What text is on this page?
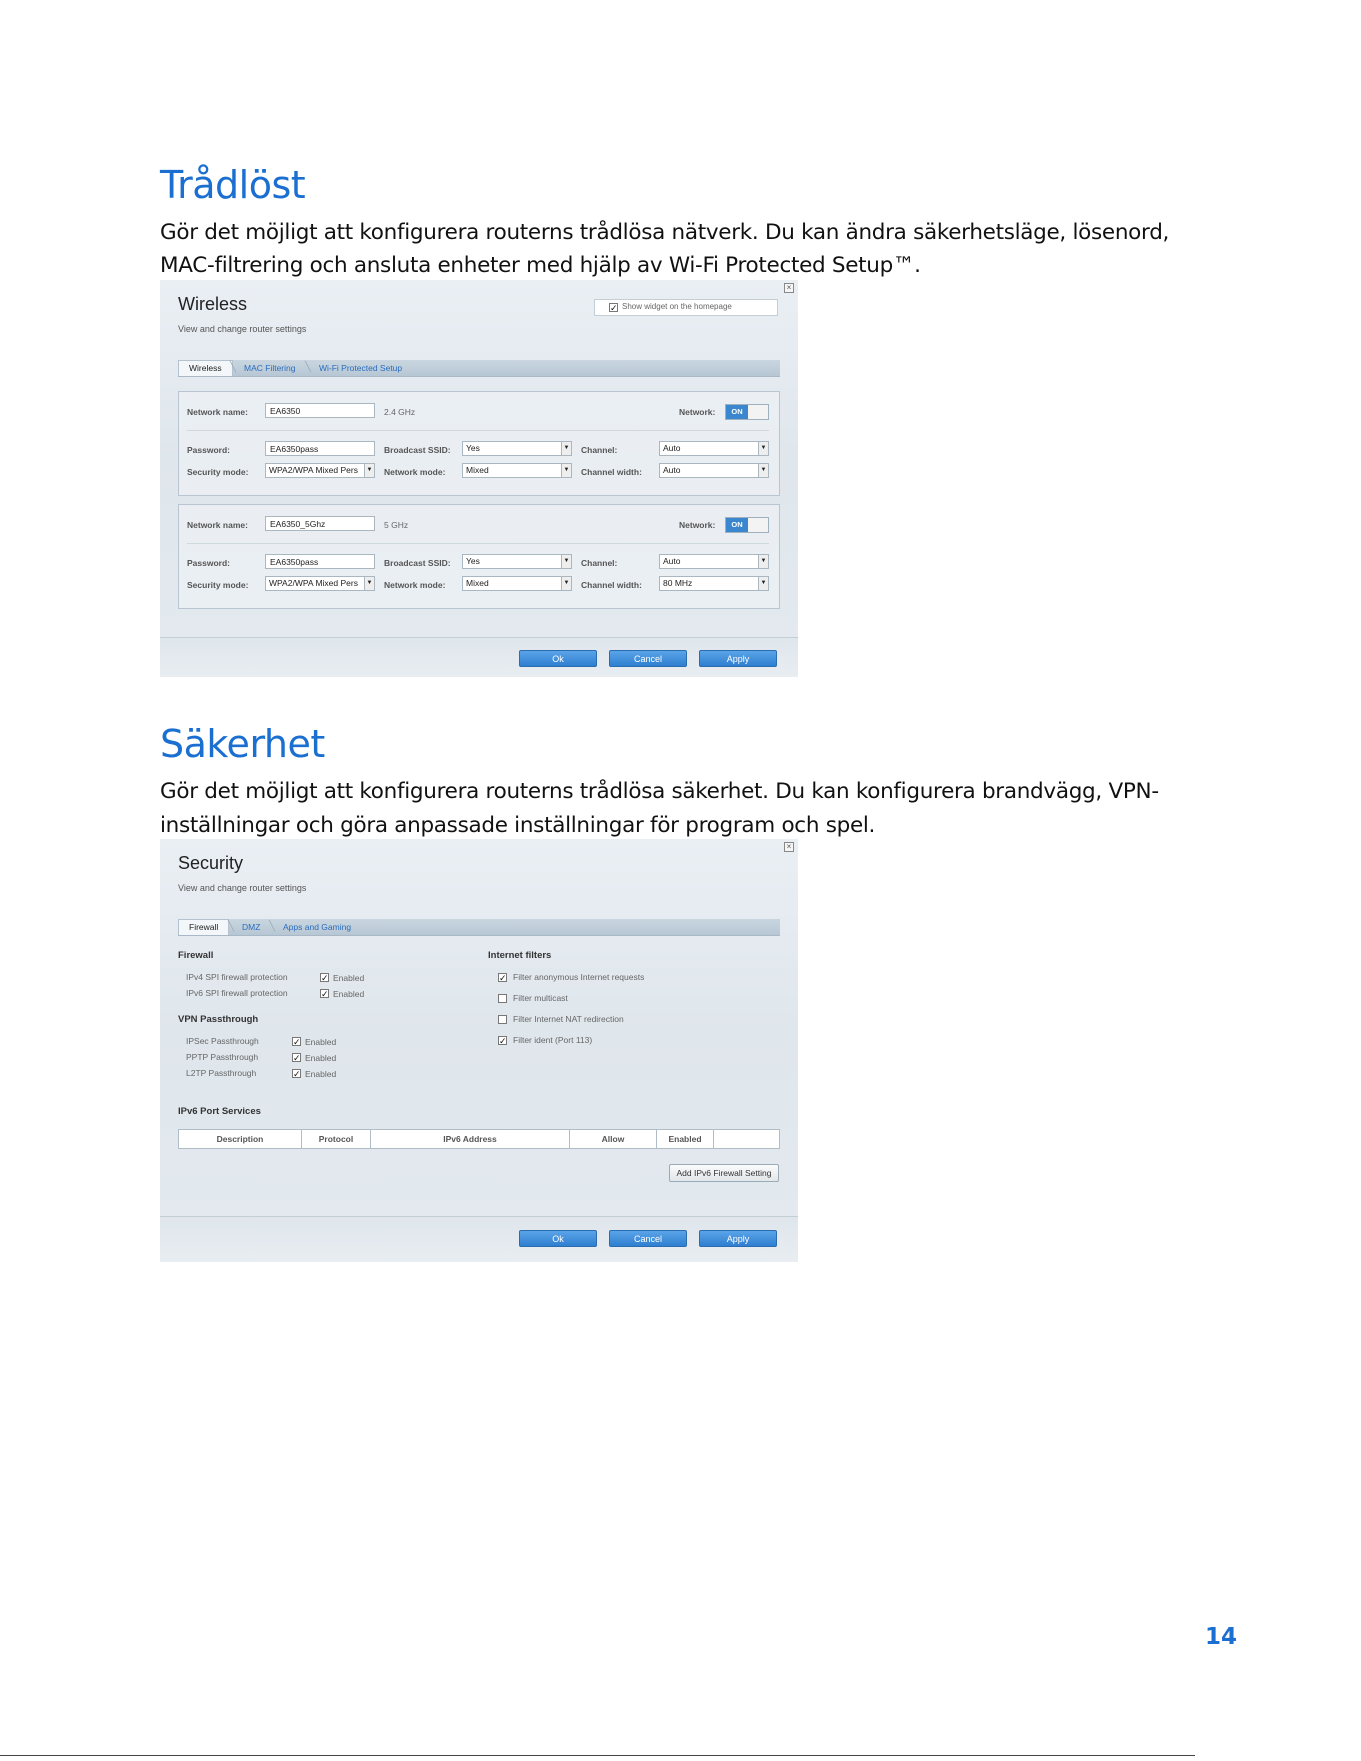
Trådlöst

Gör det möjligt att konfigurera routerns trådlösa nätverk. Du kan ändra säkerhetsläge, lösenord,

MAC-filtrering och ansluta enheter med hjälp av Wi-Fi Protected Setup™.

×
Wireless
View and change router settings
✓ Show widget on the homepage
Wireless ╲ MAC Filtering ╲ Wi-Fi Protected Setup
Network name:	EA6350	2.4 GHz	Network:	ON
Password:	EA6350pass	Broadcast SSID:	Yes	▼ Channel:	Auto	▼
Security mode:	WPA2/WPA Mixed Pers	▼ Network mode:	Mixed	▼ Channel width:	Auto	▼
Network name:	EA6350_5Ghz	5 GHz	Network:	ON
Password:	EA6350pass	Broadcast SSID:	Yes	▼ Channel:	Auto	▼
Security mode:	WPA2/WPA Mixed Pers	▼ Network mode:	Mixed	▼ Channel width:	80 MHz	▼
Ok	Cancel	Apply
Säkerhet

Gör det möjligt att konfigurera routerns trådlösa säkerhet. Du kan konfigurera brandvägg, VPN-

inställningar och göra anpassade inställningar för program och spel.

×
Security
View and change router settings
Firewall ╲ DMZ ╲ Apps and Gaming
Firewall
IPv4 SPI firewall protection	✓ Enabled
IPv6 SPI firewall protection	✓ Enabled
VPN Passthrough
IPSec Passthrough	✓ Enabled
PPTP Passthrough	✓ Enabled
L2TP Passthrough	✓ Enabled
Internet filters
✓ Filter anonymous Internet requests
Filter multicast
Filter Internet NAT redirection
✓ Filter ident (Port 113)
IPv6 Port Services
Description	Protocol	IPv6 Address	Allow	Enabled
Add IPv6 Firewall Setting
Ok	Cancel	Apply
14
